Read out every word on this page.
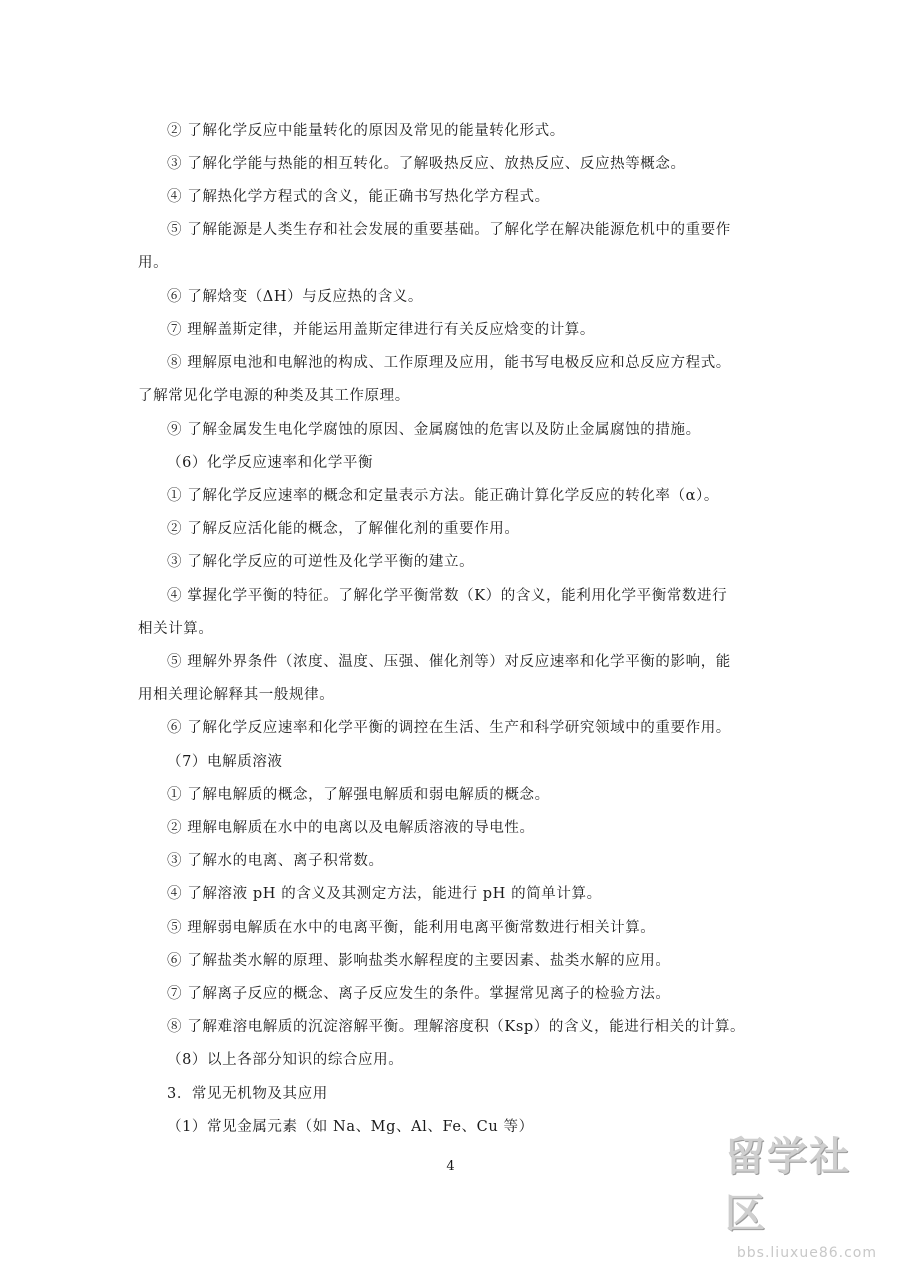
② 了解化学反应中能量转化的原因及常见的能量转化形式。
③ 了解化学能与热能的相互转化。了解吸热反应、放热反应、反应热等概念。
④ 了解热化学方程式的含义，能正确书写热化学方程式。
⑤ 了解能源是人类生存和社会发展的重要基础。了解化学在解决能源危机中的重要作
用。
⑥ 了解焓变（ΔH）与反应热的含义。
⑦ 理解盖斯定律，并能运用盖斯定律进行有关反应焓变的计算。
⑧ 理解原电池和电解池的构成、工作原理及应用，能书写电极反应和总反应方程式。
了解常见化学电源的种类及其工作原理。
⑨ 了解金属发生电化学腐蚀的原因、金属腐蚀的危害以及防止金属腐蚀的措施。
（6）化学反应速率和化学平衡
① 了解化学反应速率的概念和定量表示方法。能正确计算化学反应的转化率（α）。
② 了解反应活化能的概念，了解催化剂的重要作用。
③ 了解化学反应的可逆性及化学平衡的建立。
④ 掌握化学平衡的特征。了解化学平衡常数（K）的含义，能利用化学平衡常数进行
相关计算。
⑤ 理解外界条件（浓度、温度、压强、催化剂等）对反应速率和化学平衡的影响，能
用相关理论解释其一般规律。
⑥ 了解化学反应速率和化学平衡的调控在生活、生产和科学研究领域中的重要作用。
（7）电解质溶液
① 了解电解质的概念，了解强电解质和弱电解质的概念。
② 理解电解质在水中的电离以及电解质溶液的导电性。
③ 了解水的电离、离子积常数。
④ 了解溶液 pH 的含义及其测定方法，能进行 pH 的简单计算。
⑤ 理解弱电解质在水中的电离平衡，能利用电离平衡常数进行相关计算。
⑥ 了解盐类水解的原理、影响盐类水解程度的主要因素、盐类水解的应用。
⑦ 了解离子反应的概念、离子反应发生的条件。掌握常见离子的检验方法。
⑧ 了解难溶电解质的沉淀溶解平衡。理解溶度积（Ksp）的含义，能进行相关的计算。
（8）以上各部分知识的综合应用。
3．常见无机物及其应用
（1）常见金属元素（如 Na、Mg、Al、Fe、Cu 等）
4	留学社区
bbs.liuxue86.com
